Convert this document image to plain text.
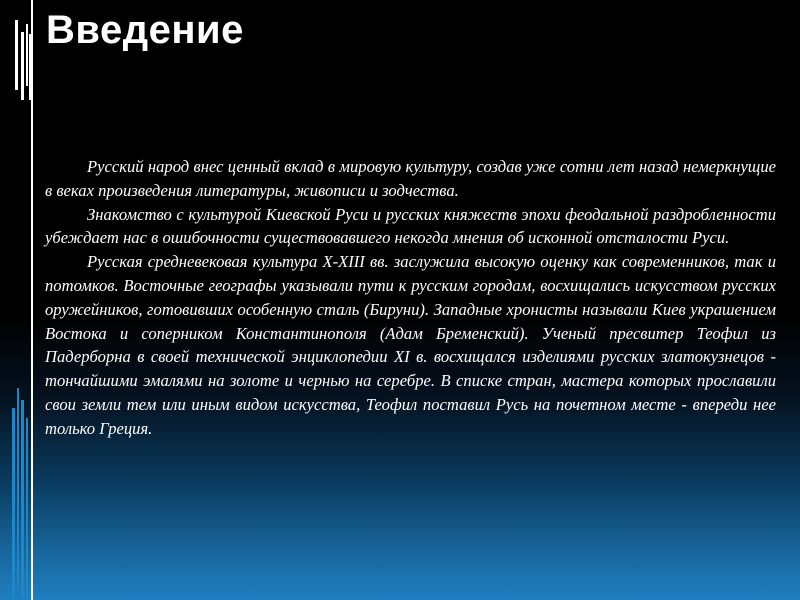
Введение

Русский народ внес ценный вклад в мировую культуру, создав уже сотни лет назад немеркнущие в веках произведения литературы, живописи и зодчества.

Знакомство с культурой Киевской Руси и русских княжеств эпохи феодальной раздробленности убеждает нас в ошибочности существовавшего некогда мнения об исконной отсталости Руси.

Русская средневековая культура X-XIII вв. заслужила высокую оценку как современников, так и потомков. Восточные географы указывали пути к русским городам, восхищались искусством русских оружейников, готовивших особенную сталь (Бируни). Западные хронисты называли Киев украшением Востока и соперником Константинополя (Адам Бременский). Ученый пресвитер Теофил из Падерборна в своей технической энциклопедии XI в. восхищался изделиями русских златокузнецов - тончайшими эмалями на золоте и чернью на серебре. В списке стран, мастера которых прославили свои земли тем или иным видом искусства, Теофил поставил Русь на почетном месте - впереди нее только Греция.
